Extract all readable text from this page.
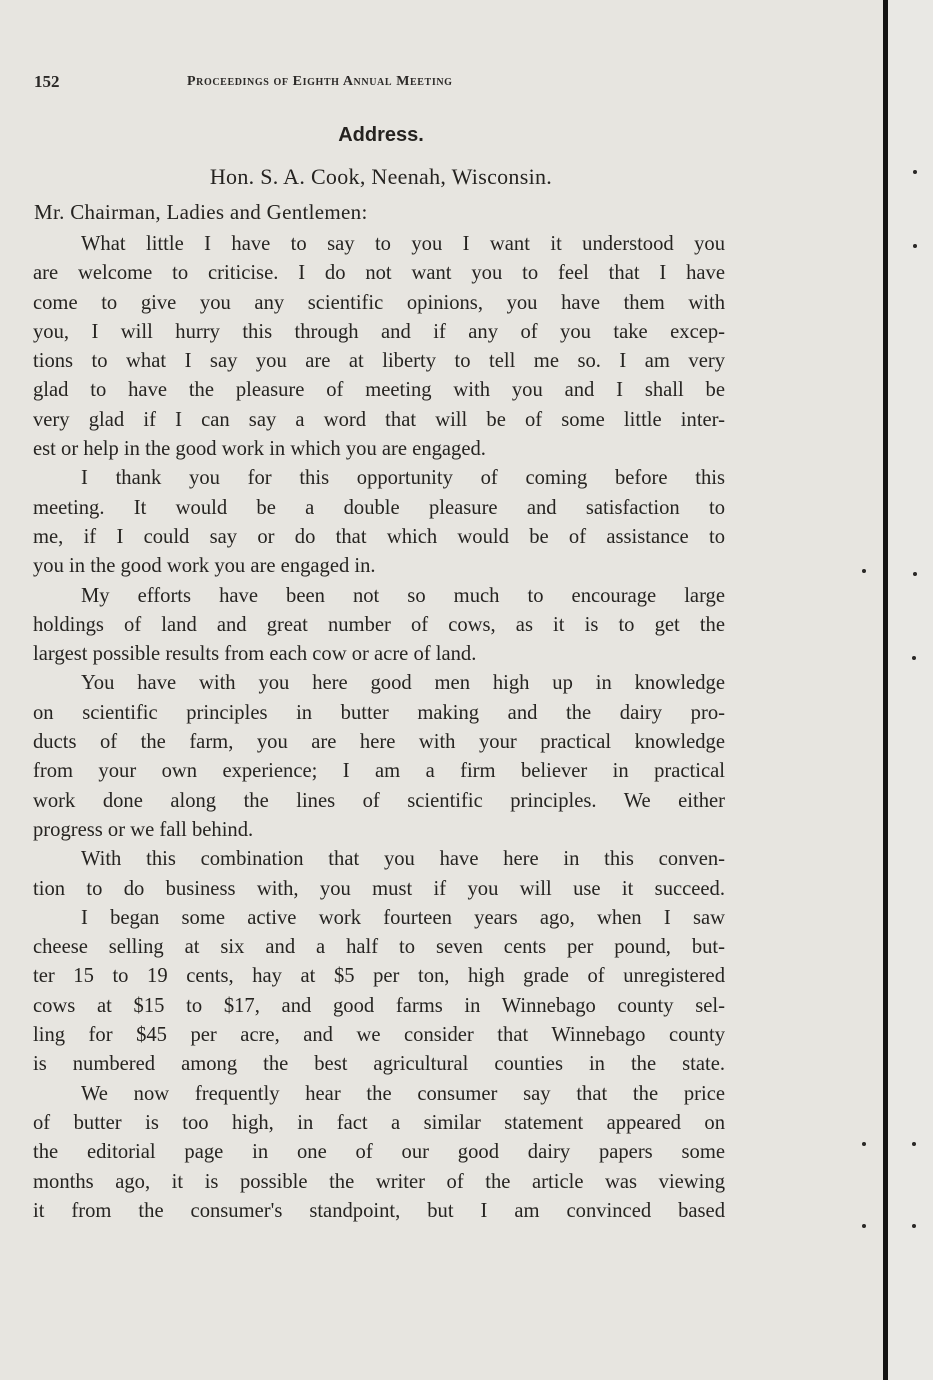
152	Proceedings of Eighth Annual Meeting
Address.
Hon. S. A. Cook, Neenah, Wisconsin.
Mr. Chairman, Ladies and Gentlemen:
What little I have to say to you I want it understood you
are welcome to criticise. I do not want you to feel that I have
come to give you any scientific opinions, you have them with
you, I will hurry this through and if any of you take excep-
tions to what I say you are at liberty to tell me so. I am very
glad to have the pleasure of meeting with you and I shall be
very glad if I can say a word that will be of some little inter-
est or help in the good work in which you are engaged.
I thank you for this opportunity of coming before this
meeting. It would be a double pleasure and satisfaction to
me, if I could say or do that which would be of assistance to
you in the good work you are engaged in.
My efforts have been not so much to encourage large
holdings of land and great number of cows, as it is to get the
largest possible results from each cow or acre of land.
You have with you here good men high up in knowledge
on scientific principles in butter making and the dairy pro-
ducts of the farm, you are here with your practical knowledge
from your own experience; I am a firm believer in practical
work done along the lines of scientific principles. We either
progress or we fall behind.
With this combination that you have here in this conven-
tion to do business with, you must if you will use it succeed.
I began some active work fourteen years ago, when I saw
cheese selling at six and a half to seven cents per pound, but-
ter 15 to 19 cents, hay at $5 per ton, high grade of unregistered
cows at $15 to $17, and good farms in Winnebago county sel-
ling for $45 per acre, and we consider that Winnebago county
is numbered among the best agricultural counties in the state.
We now frequently hear the consumer say that the price
of butter is too high, in fact a similar statement appeared on
the editorial page in one of our good dairy papers some
months ago, it is possible the writer of the article was viewing
it from the consumer's standpoint, but I am convinced based
